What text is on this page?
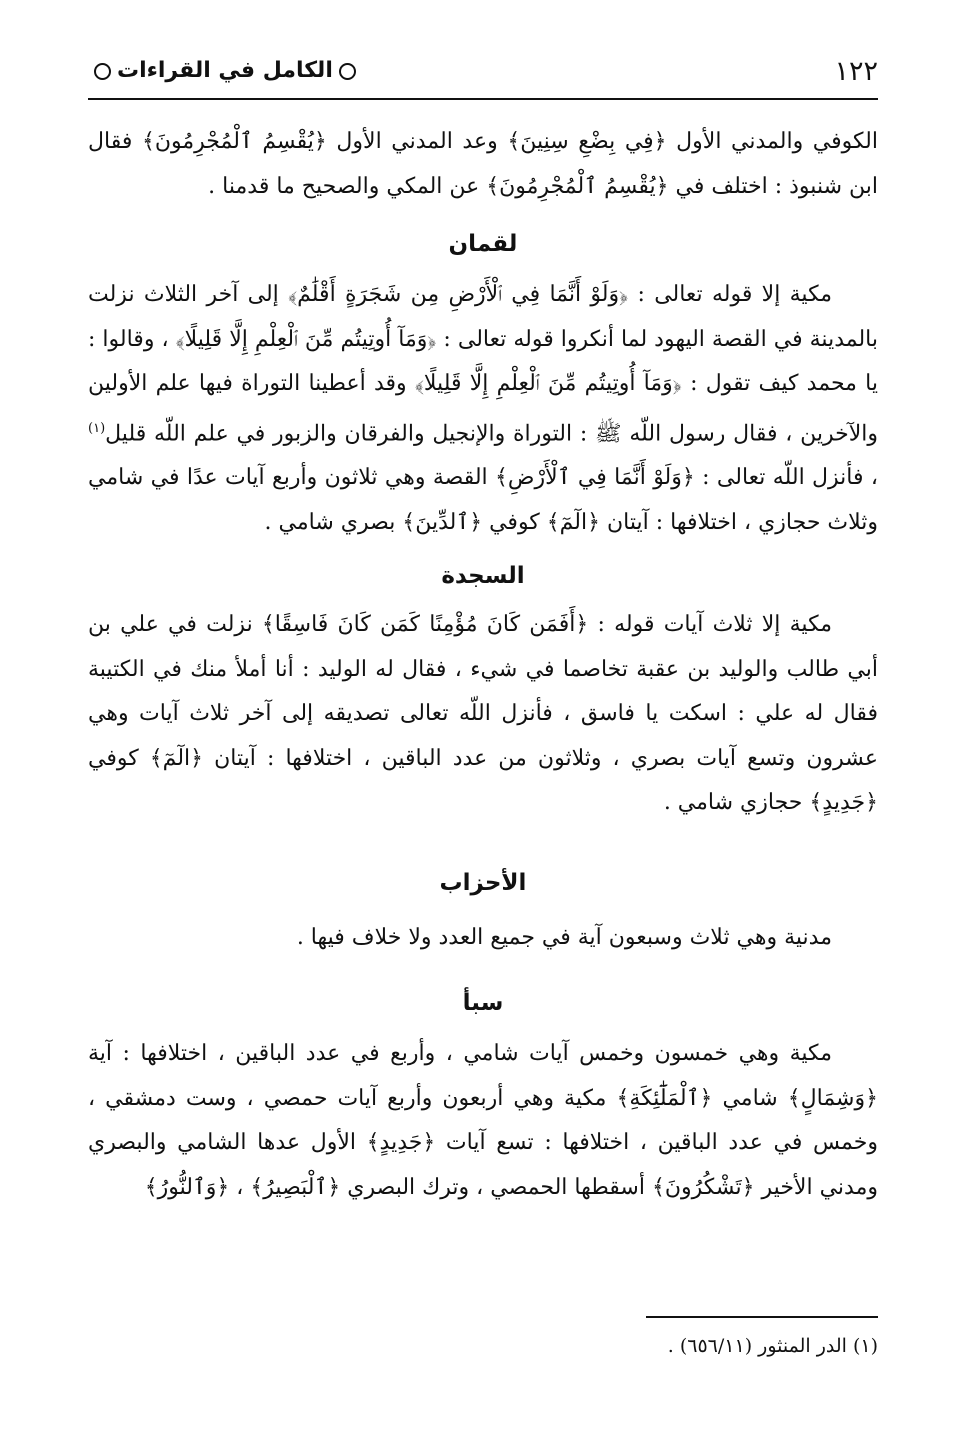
١٢٢
الكامل في القراءات

الكوفي والمدني الأول ﴿فِي بِضْعِ سِنِينَ﴾ وعد المدني الأول ﴿يُقْسِمُ ٱلْمُجْرِمُونَ﴾ فقال ابن شنبوذ : اختلف في ﴿يُقْسِمُ ٱلْمُجْرِمُونَ﴾ عن المكي والصحيح ما قدمنا .

لقمان

مكية إلا قوله تعالى : ﴿وَلَوْ أَنَّمَا فِي ٱلْأَرْضِ مِن شَجَرَةٍ أَقْلَٰمٌ﴾ إلى آخر الثلاث نزلت بالمدينة في القصة اليهود لما أنكروا قوله تعالى : ﴿وَمَآ أُوتِيتُم مِّنَ ٱلْعِلْمِ إِلَّا قَلِيلًا﴾ ، وقالوا : يا محمد كيف تقول : ﴿وَمَآ أُوتِيتُم مِّنَ ٱلْعِلْمِ إِلَّا قَلِيلًا﴾ وقد أعطينا التوراة فيها علم الأولين والآخرين ، فقال رسول اللّه ﷺ : التوراة والإنجيل والفرقان والزبور في علم اللّه قليل$^{(١)}$ ، فأنزل اللّه تعالى : ﴿وَلَوْ أَنَّمَا فِي ٱلْأَرْضِ﴾ القصة وهي ثلاثون وأربع آيات عدًا في شامي وثلاث حجازي ، اختلافها : آيتان ﴿الٓمٓ﴾ كوفي ﴿ٱلدِّينَ﴾ بصري شامي .

السجدة

مكية إلا ثلاث آيات قوله : ﴿أَفَمَن كَانَ مُؤْمِنًا كَمَن كَانَ فَاسِقًا﴾ نزلت في علي بن أبي طالب والوليد بن عقبة تخاصما في شيء ، فقال له الوليد : أنا أملأ منك في الكتيبة فقال له علي : اسكت يا فاسق ، فأنزل اللّه تعالى تصديقه إلى آخر ثلاث آيات وهي عشرون وتسع آيات بصري ، وثلاثون من عدد الباقين ، اختلافها : آيتان ﴿الٓمٓ﴾ كوفي ﴿جَدِيدٍ﴾ حجازي شامي .

الأحزاب

مدنية وهي ثلاث وسبعون آية في جميع العدد ولا خلاف فيها .

سبأ

مكية وهي خمسون وخمس آيات شامي ، وأربع في عدد الباقين ، اختلافها : آية ﴿وَشِمَالٍ﴾ شامي ﴿ٱلْمَلَٰٓئِكَةِ﴾ مكية وهي أربعون وأربع آيات حمصي ، وست دمشقي ، وخمس في عدد الباقين ، اختلافها : تسع آيات ﴿جَدِيدٍ﴾ الأول عدها الشامي والبصري ومدني الأخير ﴿تَشْكُرُونَ﴾ أسقطها الحمصي ، وترك البصري ﴿ٱلْبَصِيرُ﴾ ، ﴿وَٱلنُّورُ﴾

(١) الدر المنثور (٦٥٦/١١) .
